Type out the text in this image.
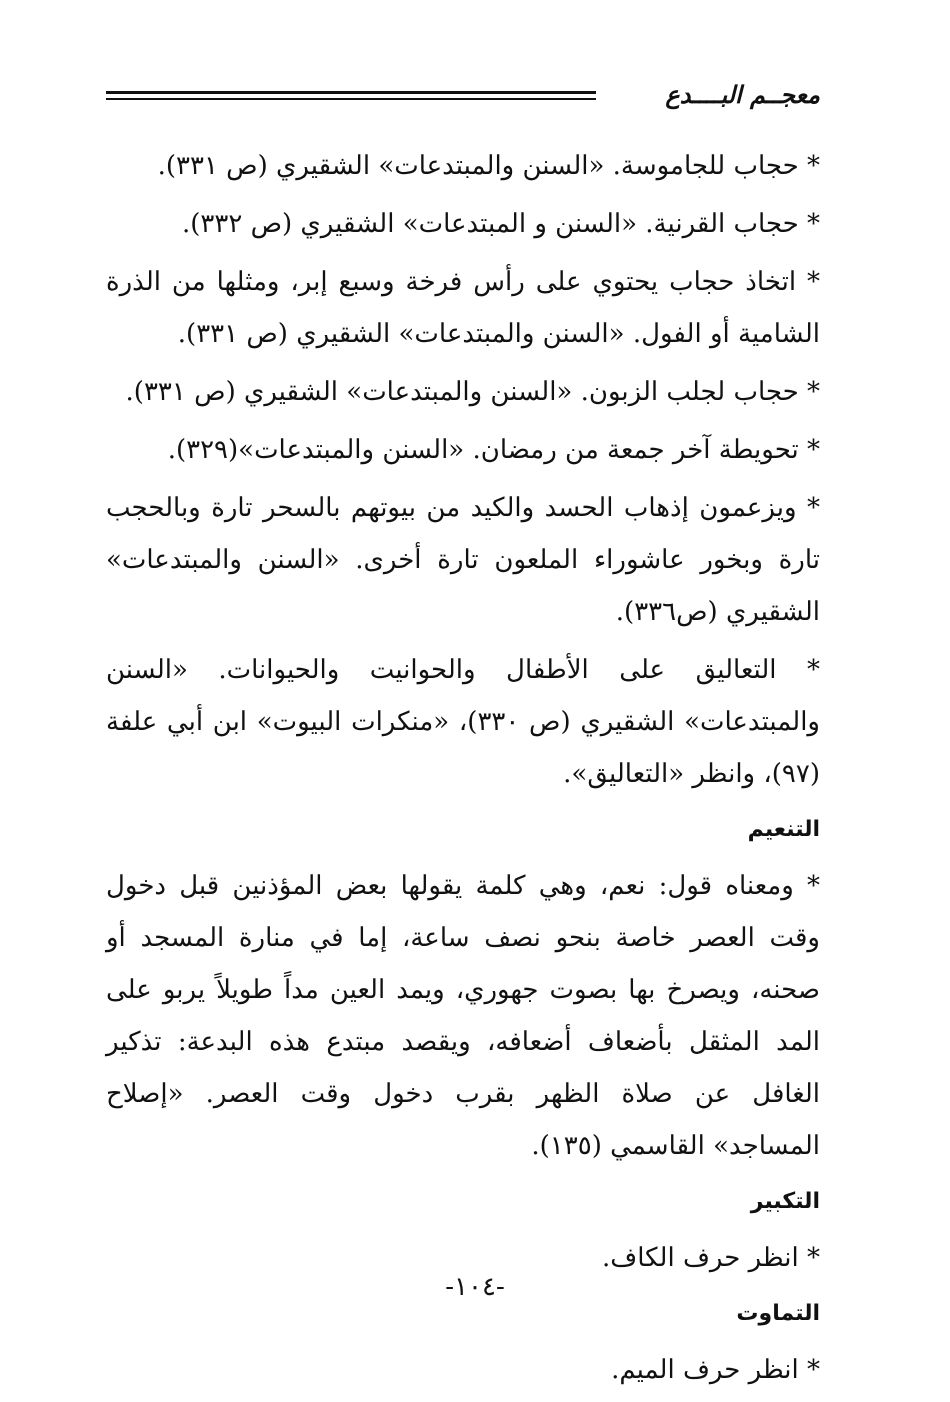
معجــم البــــدع

* حجاب للجاموسة. «السنن والمبتدعات» الشقيري (ص ٣٣١).

* حجاب القرنية. «السنن و المبتدعات» الشقيري (ص ٣٣٢).

* اتخاذ حجاب يحتوي على رأس فرخة وسبع إبر، ومثلها من الذرة الشامية أو الفول. «السنن والمبتدعات» الشقيري (ص ٣٣١).

* حجاب لجلب الزبون. «السنن والمبتدعات» الشقيري (ص ٣٣١).

* تحويطة آخر جمعة من رمضان. «السنن والمبتدعات»(٣٢٩).

* ويزعمون إذهاب الحسد والكيد من بيوتهم بالسحر تارة وبالحجب تارة وبخور عاشوراء الملعون تارة أخرى. «السنن والمبتدعات» الشقيري (ص٣٣٦).

* التعاليق على الأطفال والحوانيت والحيوانات. «السنن والمبتدعات» الشقيري (ص ٣٣٠)، «منكرات البيوت» ابن أبي علفة (٩٧)، وانظر «التعاليق».

التنعيم

* ومعناه قول: نعم، وهي كلمة يقولها بعض المؤذنين قبل دخول وقت العصر خاصة بنحو نصف ساعة، إما في منارة المسجد أو صحنه، ويصرخ بها بصوت جهوري، ويمد العين مداً طويلاً يربو على المد المثقل بأضعاف أضعافه، ويقصد مبتدع هذه البدعة: تذكير الغافل عن صلاة الظهر بقرب دخول وقت العصر. «إصلاح المساجد» القاسمي (١٣٥).

التكبير

* انظر حرف الكاف.

التماوت

* انظر حرف الميم.

-١٠٤-
